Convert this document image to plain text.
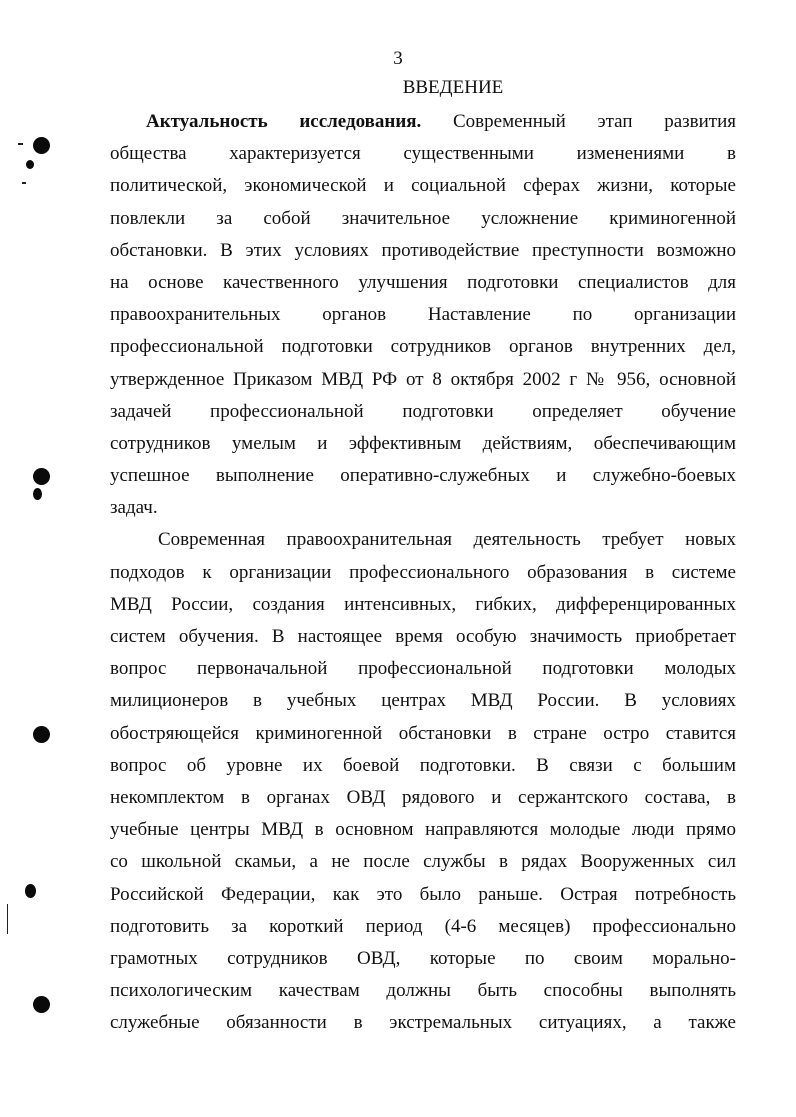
3
ВВЕДЕНИЕ
Актуальность исследования. Современный этап развития
общества характеризуется существенными изменениями в
политической, экономической и социальной сферах жизни, которые
повлекли за собой значительное усложнение криминогенной
обстановки. В этих условиях противодействие преступности возможно
на основе качественного улучшения подготовки специалистов для
правоохранительных органов Наставление по организации
профессиональной подготовки сотрудников органов внутренних дел,
утвержденное Приказом МВД РФ от 8 октября 2002 г № 956, основной
задачей профессиональной подготовки определяет обучение
сотрудников умелым и эффективным действиям, обеспечивающим
успешное выполнение оперативно-служебных и служебно-боевых
задач.
Современная правоохранительная деятельность требует новых
подходов к организации профессионального образования в системе
МВД России, создания интенсивных, гибких, дифференцированных
систем обучения. В настоящее время особую значимость приобретает
вопрос первоначальной профессиональной подготовки молодых
милиционеров в учебных центрах МВД России. В условиях
обостряющейся криминогенной обстановки в стране остро ставится
вопрос об уровне их боевой подготовки. В связи с большим
некомплектом в органах ОВД рядового и сержантского состава, в
учебные центры МВД в основном направляются молодые люди прямо
со школьной скамьи, а не после службы в рядах Вооруженных сил
Российской Федерации, как это было раньше. Острая потребность
подготовить за короткий период (4-6 месяцев) профессионально
грамотных сотрудников ОВД, которые по своим морально-
психологическим качествам должны быть способны выполнять
служебные обязанности в экстремальных ситуациях, а также
